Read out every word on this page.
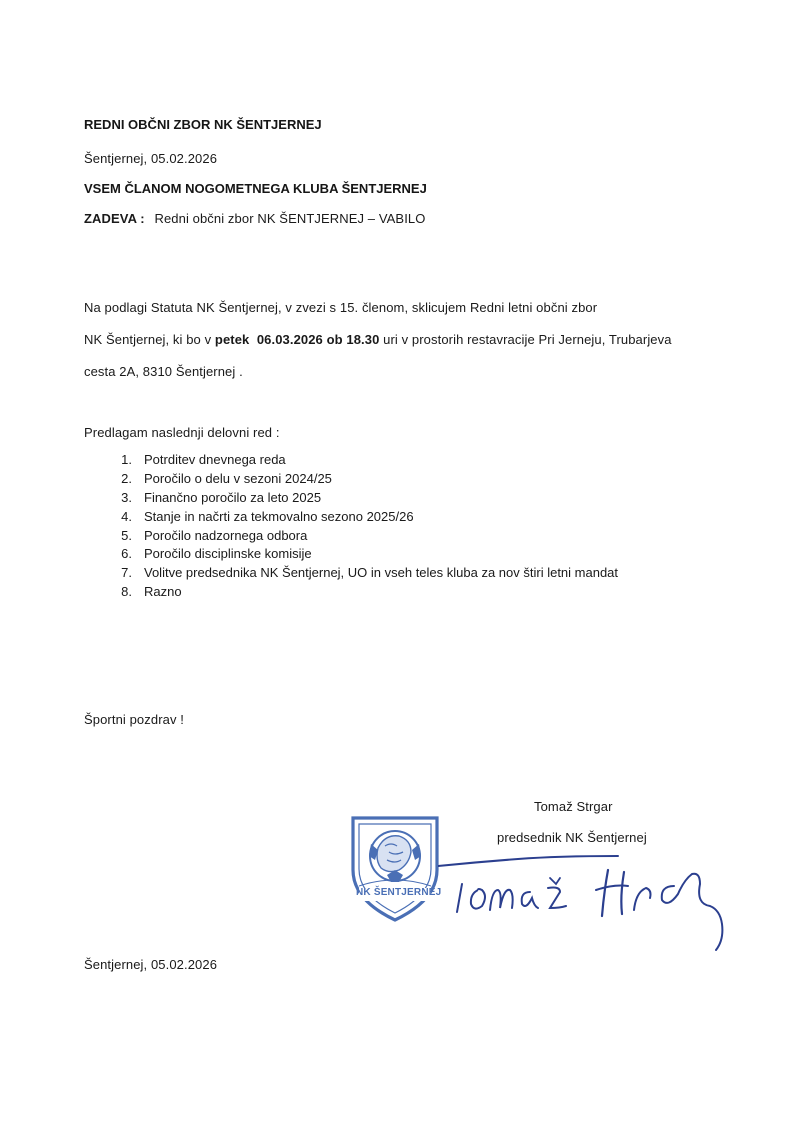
REDNI OBČNI ZBOR NK ŠENTJERNEJ
Šentjernej, 05.02.2026
VSEM ČLANOM NOGOMETNEGA KLUBA ŠENTJERNEJ
ZADEVA : Redni občni zbor NK ŠENTJERNEJ – VABILO
Na podlagi Statuta NK Šentjernej, v zvezi s 15. členom, sklicujem Redni letni občni zbor
NK Šentjernej, ki bo v petek 06.03.2026 ob 18.30 uri v prostorih restavracije Pri Jerneju, Trubarjeva
cesta 2A, 8310 Šentjernej .
Predlagam naslednji delovni red :
1. Potrditev dnevnega reda
2. Poročilo o delu v sezoni 2024/25
3. Finančno poročilo za leto 2025
4. Stanje in načrti za tekmovalno sezono 2025/26
5. Poročilo nadzornega odbora
6. Poročilo disciplinske komisije
7. Volitve predsednika NK Šentjernej, UO in vseh teles kluba za nov štiri letni mandat
8. Razno
Športni pozdrav !
Tomaž Strgar
predsednik NK Šentjernej
NK ŠENTJERNEJ
Šentjernej, 05.02.2026
